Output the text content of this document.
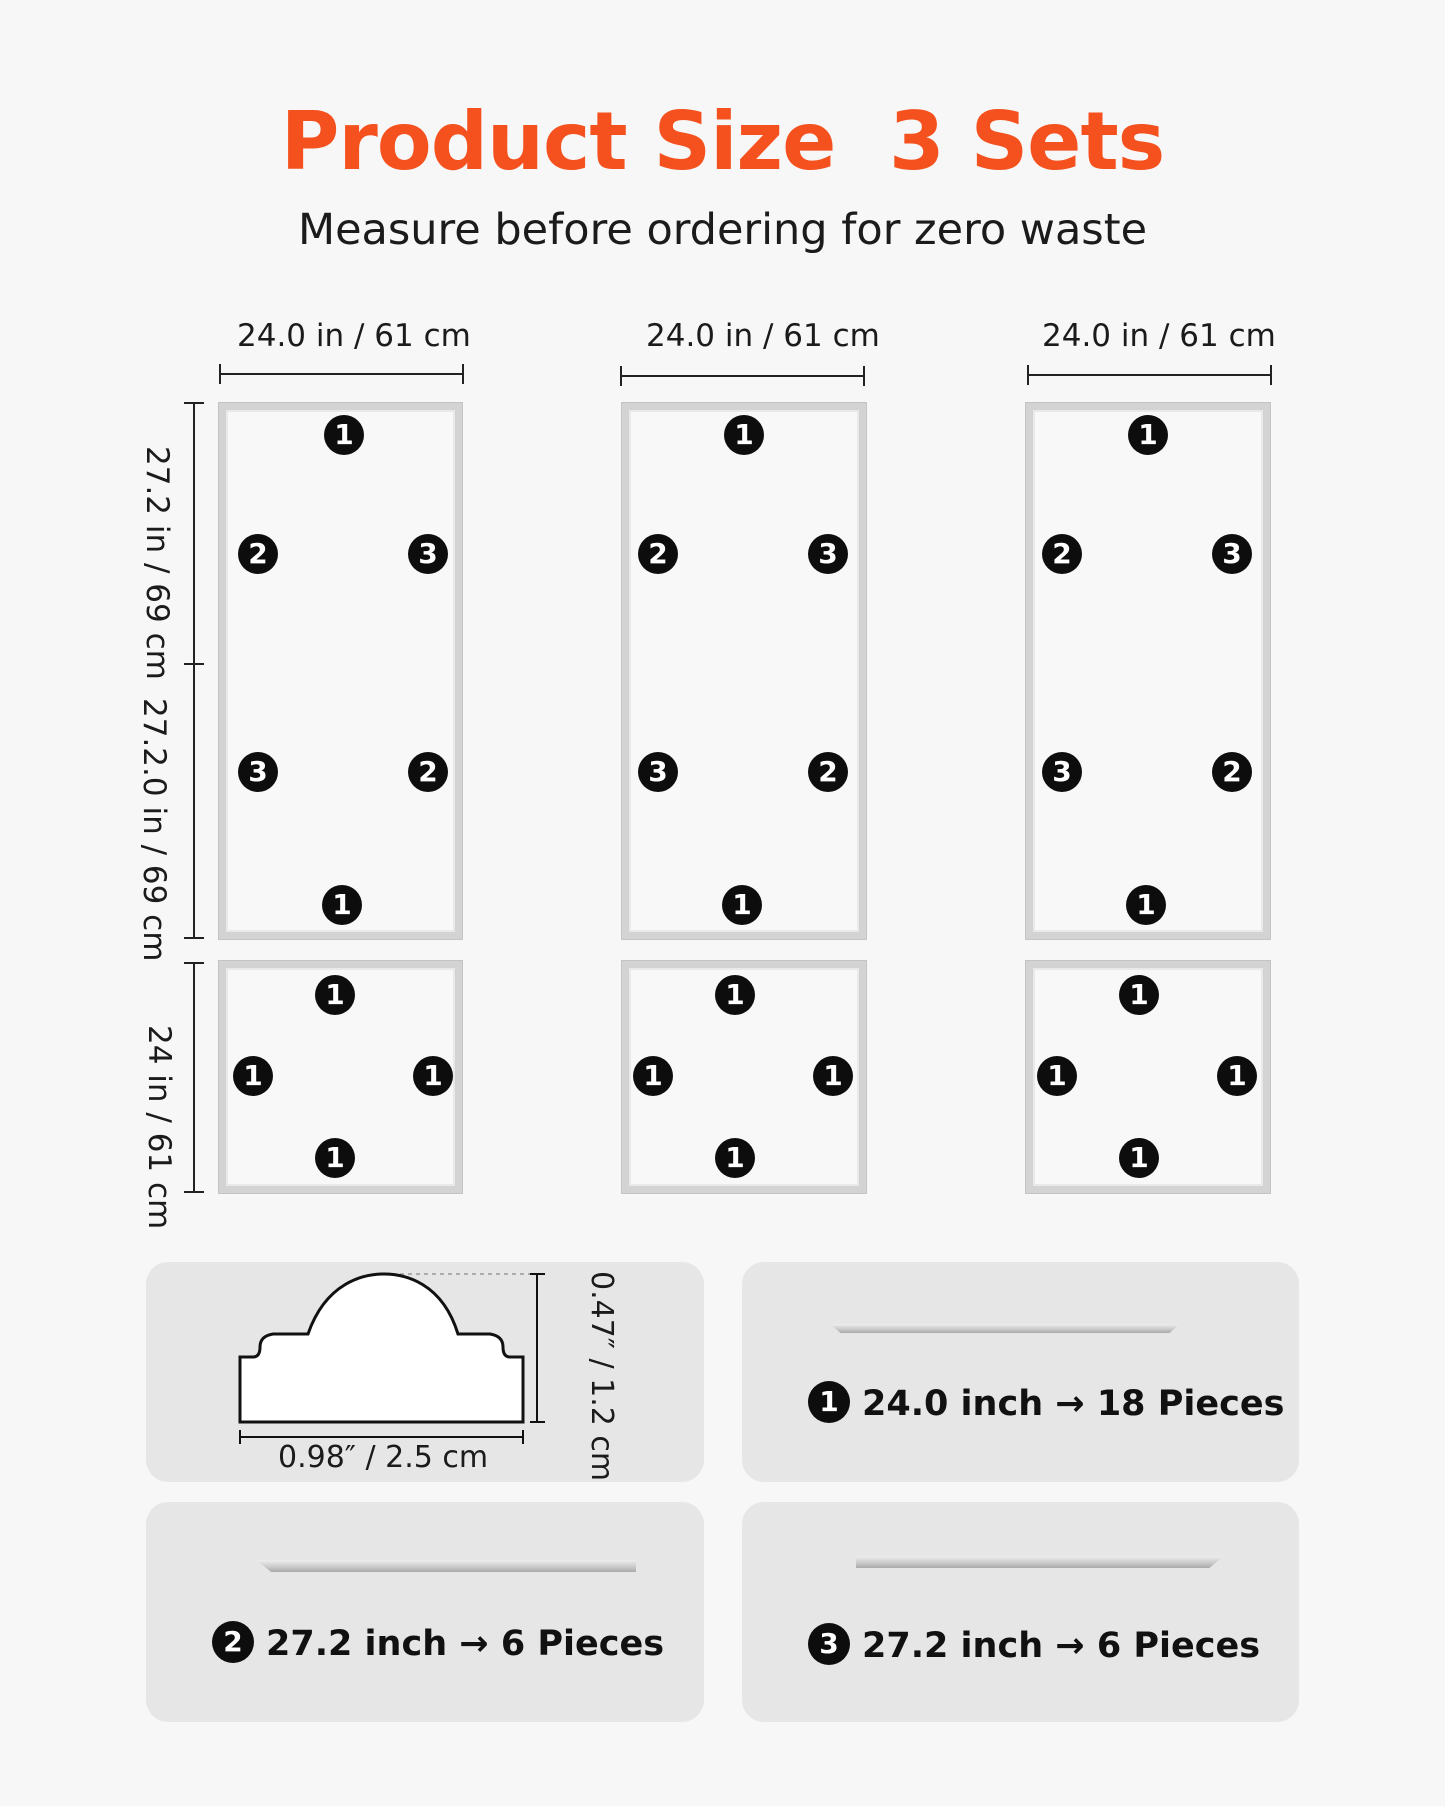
Product Size  3 Sets
Measure before ordering for zero waste
24.0 in / 61 cm	24.0 in / 61 cm	24.0 in / 61 cm
27.2 in / 69 cm
27.2.0 in / 69 cm
24 in / 61 cm
1
2	3
3	2
1
1
1	1
1
1
2	3
3	2
1
1
1	1
1
1
2	3
3	2
1
1
1	1
1
0.47″ / 1.2 cm
0.98″ / 2.5 cm
1 24.0 inch → 18 Pieces
2 27.2 inch → 6 Pieces	3 27.2 inch → 6 Pieces
